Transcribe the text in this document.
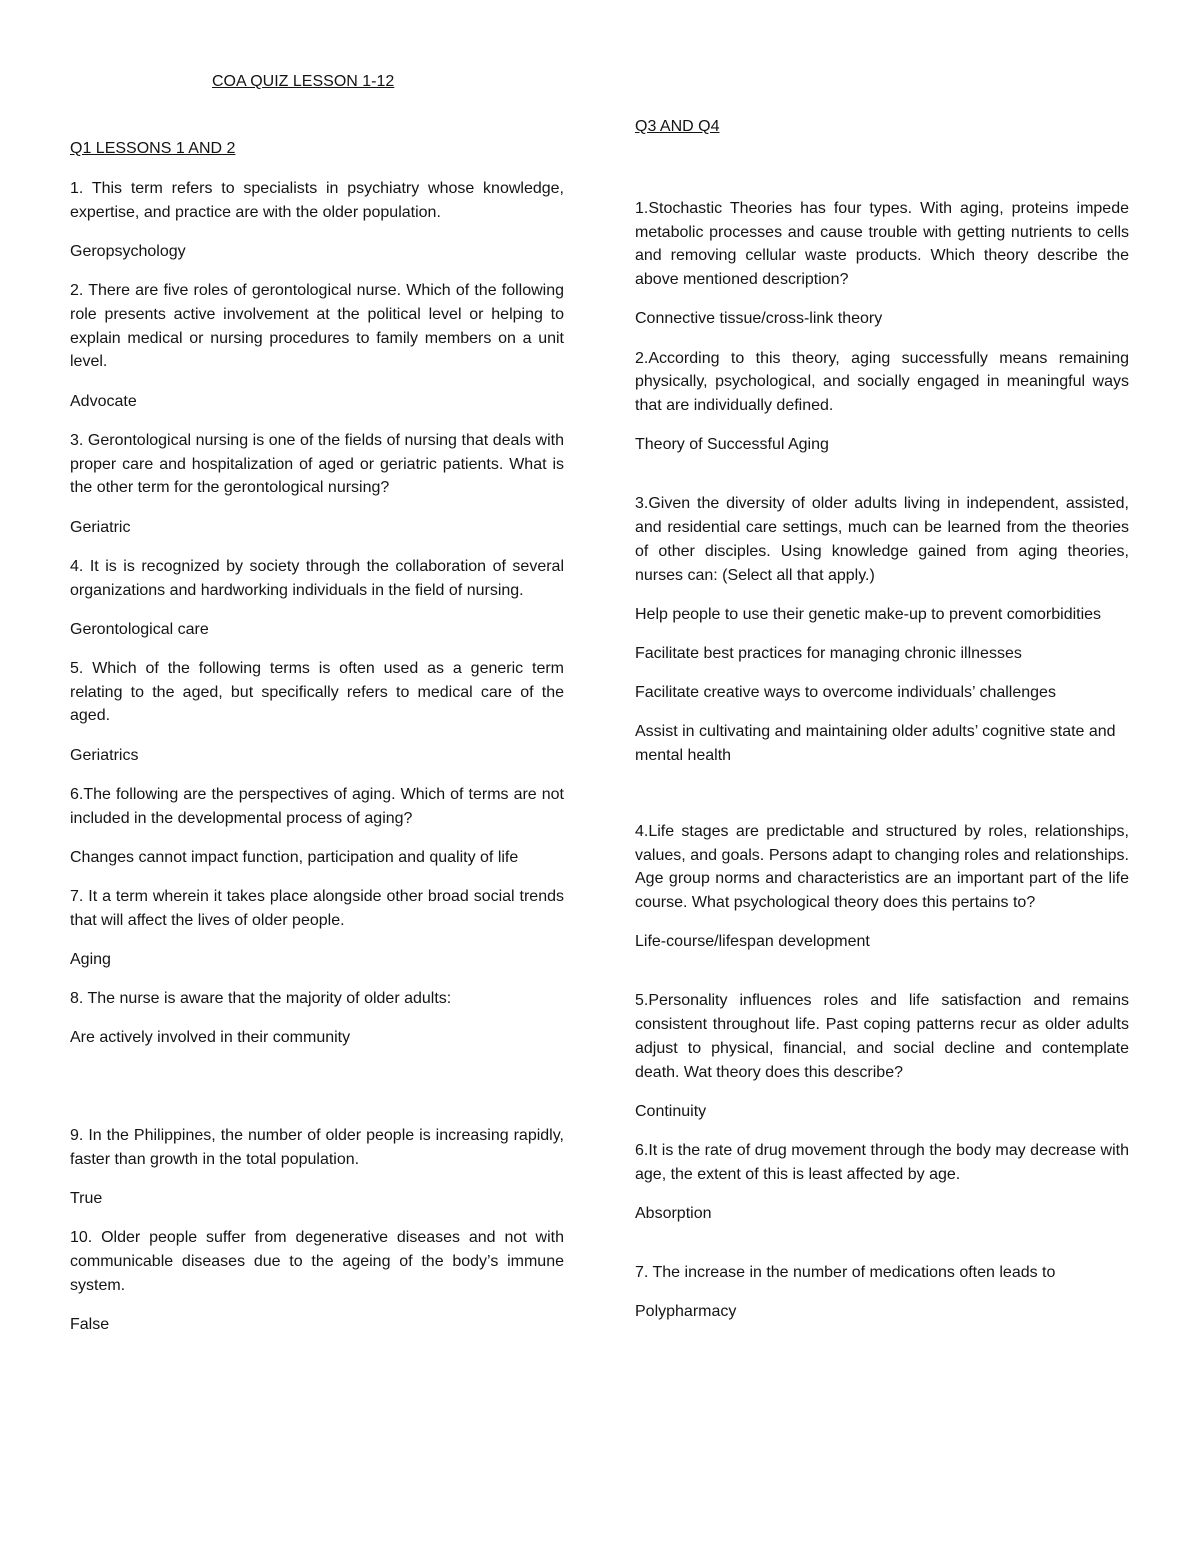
COA QUIZ LESSON 1-12

Q1 LESSONS 1 AND 2

1. This term refers to specialists in psychiatry whose knowledge, expertise, and practice are with the older population.

Geropsychology

2. There are five roles of gerontological nurse. Which of the following role presents active involvement at the political level or helping to explain medical or nursing procedures to family members on a unit level.

Advocate

3. Gerontological nursing is one of the fields of nursing that deals with proper care and hospitalization of aged or geriatric patients. What is the other term for the gerontological nursing?

Geriatric

4. It is is recognized by society through the collaboration of several organizations and hardworking individuals in the field of nursing.

Gerontological care

5. Which of the following terms is often used as a generic term relating to the aged, but specifically refers to medical care of the aged.

Geriatrics

6.The following are the perspectives of aging. Which of terms are not included in the developmental process of aging?

Changes cannot impact function, participation and quality of life

7. It a term wherein it takes place alongside other broad social trends that will affect the lives of older people.

Aging

8. The nurse is aware that the majority of older adults:

Are actively involved in their community

9. In the Philippines, the number of older people is increasing rapidly, faster than growth in the total population.

True

10. Older people suffer from degenerative diseases and not with communicable diseases due to the ageing of the body’s immune system.

False

Q3 AND Q4

1.Stochastic Theories has four types. With aging, proteins impede metabolic processes and cause trouble with getting nutrients to cells and removing cellular waste products. Which theory describe the above mentioned description?

Connective tissue/cross-link theory

2.According to this theory, aging successfully means remaining physically, psychological, and socially engaged in meaningful ways that are individually defined.

Theory of Successful Aging

3.Given the diversity of older adults living in independent, assisted, and residential care settings, much can be learned from the theories of other disciples. Using knowledge gained from aging theories, nurses can: (Select all that apply.)

Help people to use their genetic make-up to prevent comorbidities

Facilitate best practices for managing chronic illnesses

Facilitate creative ways to overcome individuals’ challenges

Assist in cultivating and maintaining older adults’ cognitive state and mental health

4.Life stages are predictable and structured by roles, relationships, values, and goals. Persons adapt to changing roles and relationships. Age group norms and characteristics are an important part of the life course. What psychological theory does this pertains to?

Life-course/lifespan development

5.Personality influences roles and life satisfaction and remains consistent throughout life. Past coping patterns recur as older adults adjust to physical, financial, and social decline and contemplate death. Wat theory does this describe?

Continuity

6.It is the rate of drug movement through the body may decrease with age, the extent of this is least affected by age.

Absorption

7. The increase in the number of medications often leads to

Polypharmacy
